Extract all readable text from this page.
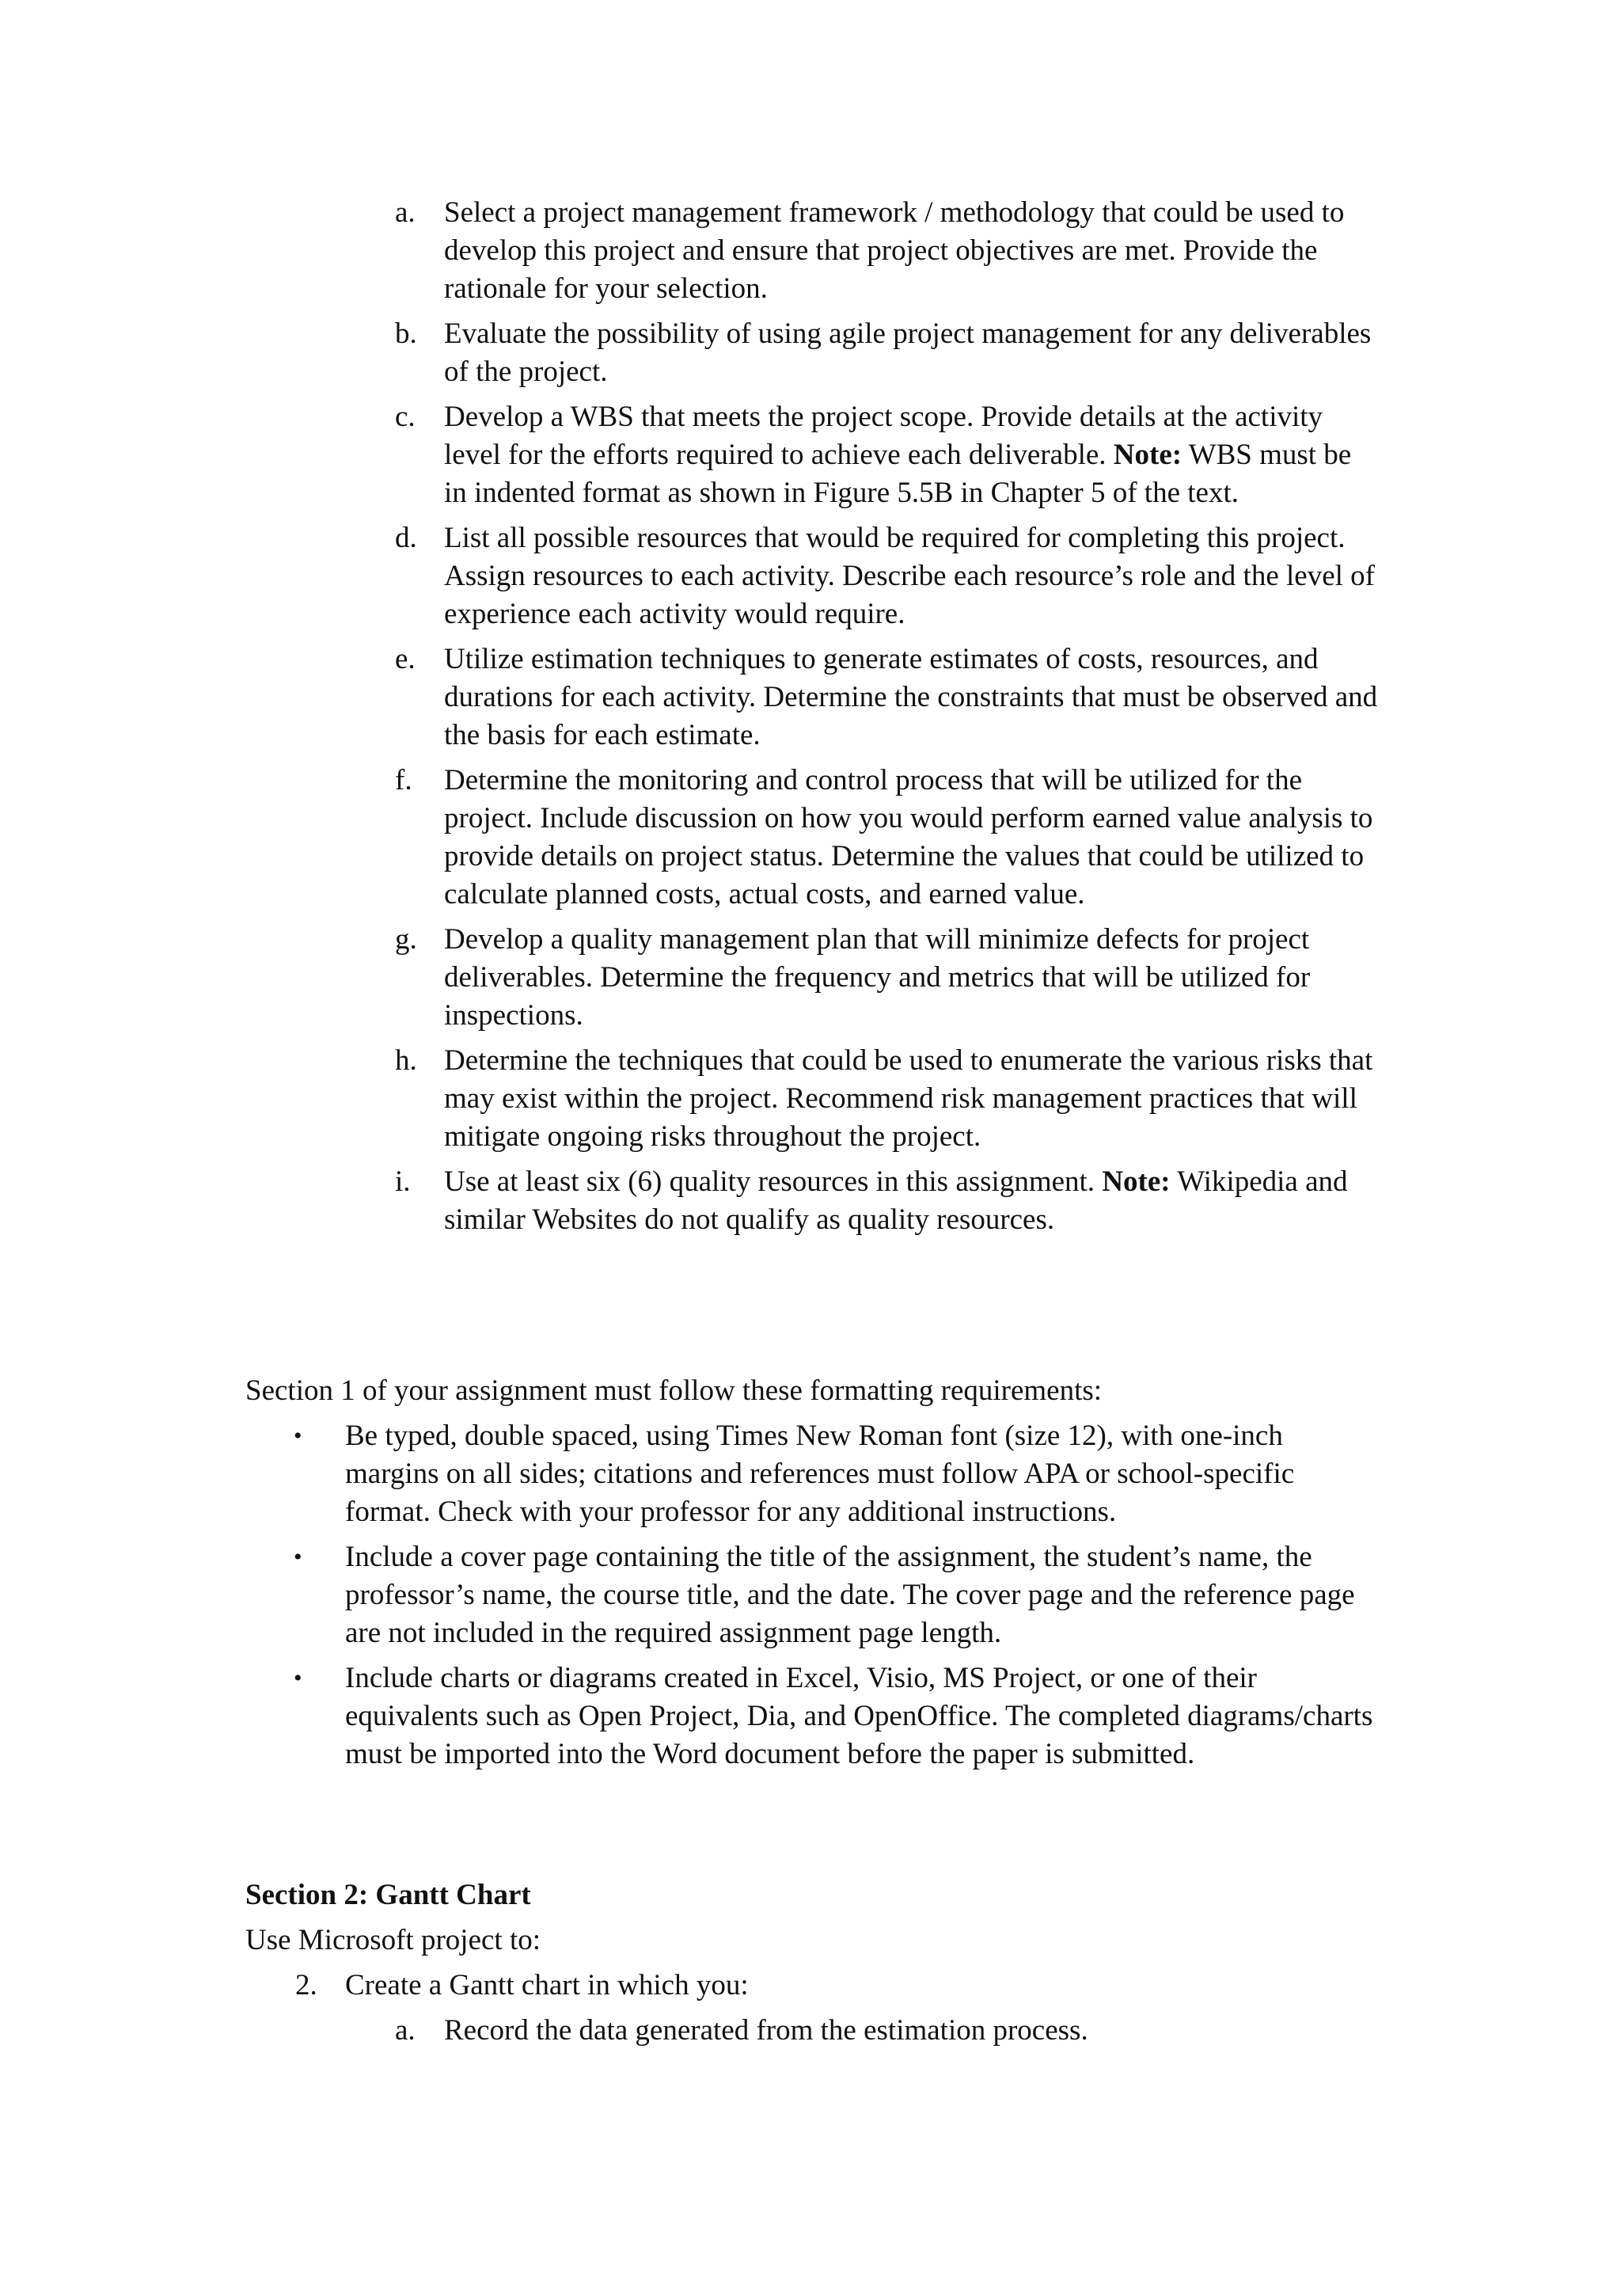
a. Select a project management framework / methodology that could be used to develop this project and ensure that project objectives are met. Provide the rationale for your selection.
b. Evaluate the possibility of using agile project management for any deliverables of the project.
c. Develop a WBS that meets the project scope. Provide details at the activity level for the efforts required to achieve each deliverable. Note: WBS must be in indented format as shown in Figure 5.5B in Chapter 5 of the text.
d. List all possible resources that would be required for completing this project. Assign resources to each activity. Describe each resource’s role and the level of experience each activity would require.
e. Utilize estimation techniques to generate estimates of costs, resources, and durations for each activity. Determine the constraints that must be observed and the basis for each estimate.
f. Determine the monitoring and control process that will be utilized for the project. Include discussion on how you would perform earned value analysis to provide details on project status. Determine the values that could be utilized to calculate planned costs, actual costs, and earned value.
g. Develop a quality management plan that will minimize defects for project deliverables. Determine the frequency and metrics that will be utilized for inspections.
h. Determine the techniques that could be used to enumerate the various risks that may exist within the project. Recommend risk management practices that will mitigate ongoing risks throughout the project.
i. Use at least six (6) quality resources in this assignment. Note: Wikipedia and similar Websites do not qualify as quality resources.

Section 1 of your assignment must follow these formatting requirements:

• Be typed, double spaced, using Times New Roman font (size 12), with one-inch margins on all sides; citations and references must follow APA or school-specific format. Check with your professor for any additional instructions.
• Include a cover page containing the title of the assignment, the student’s name, the professor’s name, the course title, and the date. The cover page and the reference page are not included in the required assignment page length.
• Include charts or diagrams created in Excel, Visio, MS Project, or one of their equivalents such as Open Project, Dia, and OpenOffice. The completed diagrams/charts must be imported into the Word document before the paper is submitted.

Section 2: Gantt Chart

Use Microsoft project to:

2. Create a Gantt chart in which you:
a. Record the data generated from the estimation process.
